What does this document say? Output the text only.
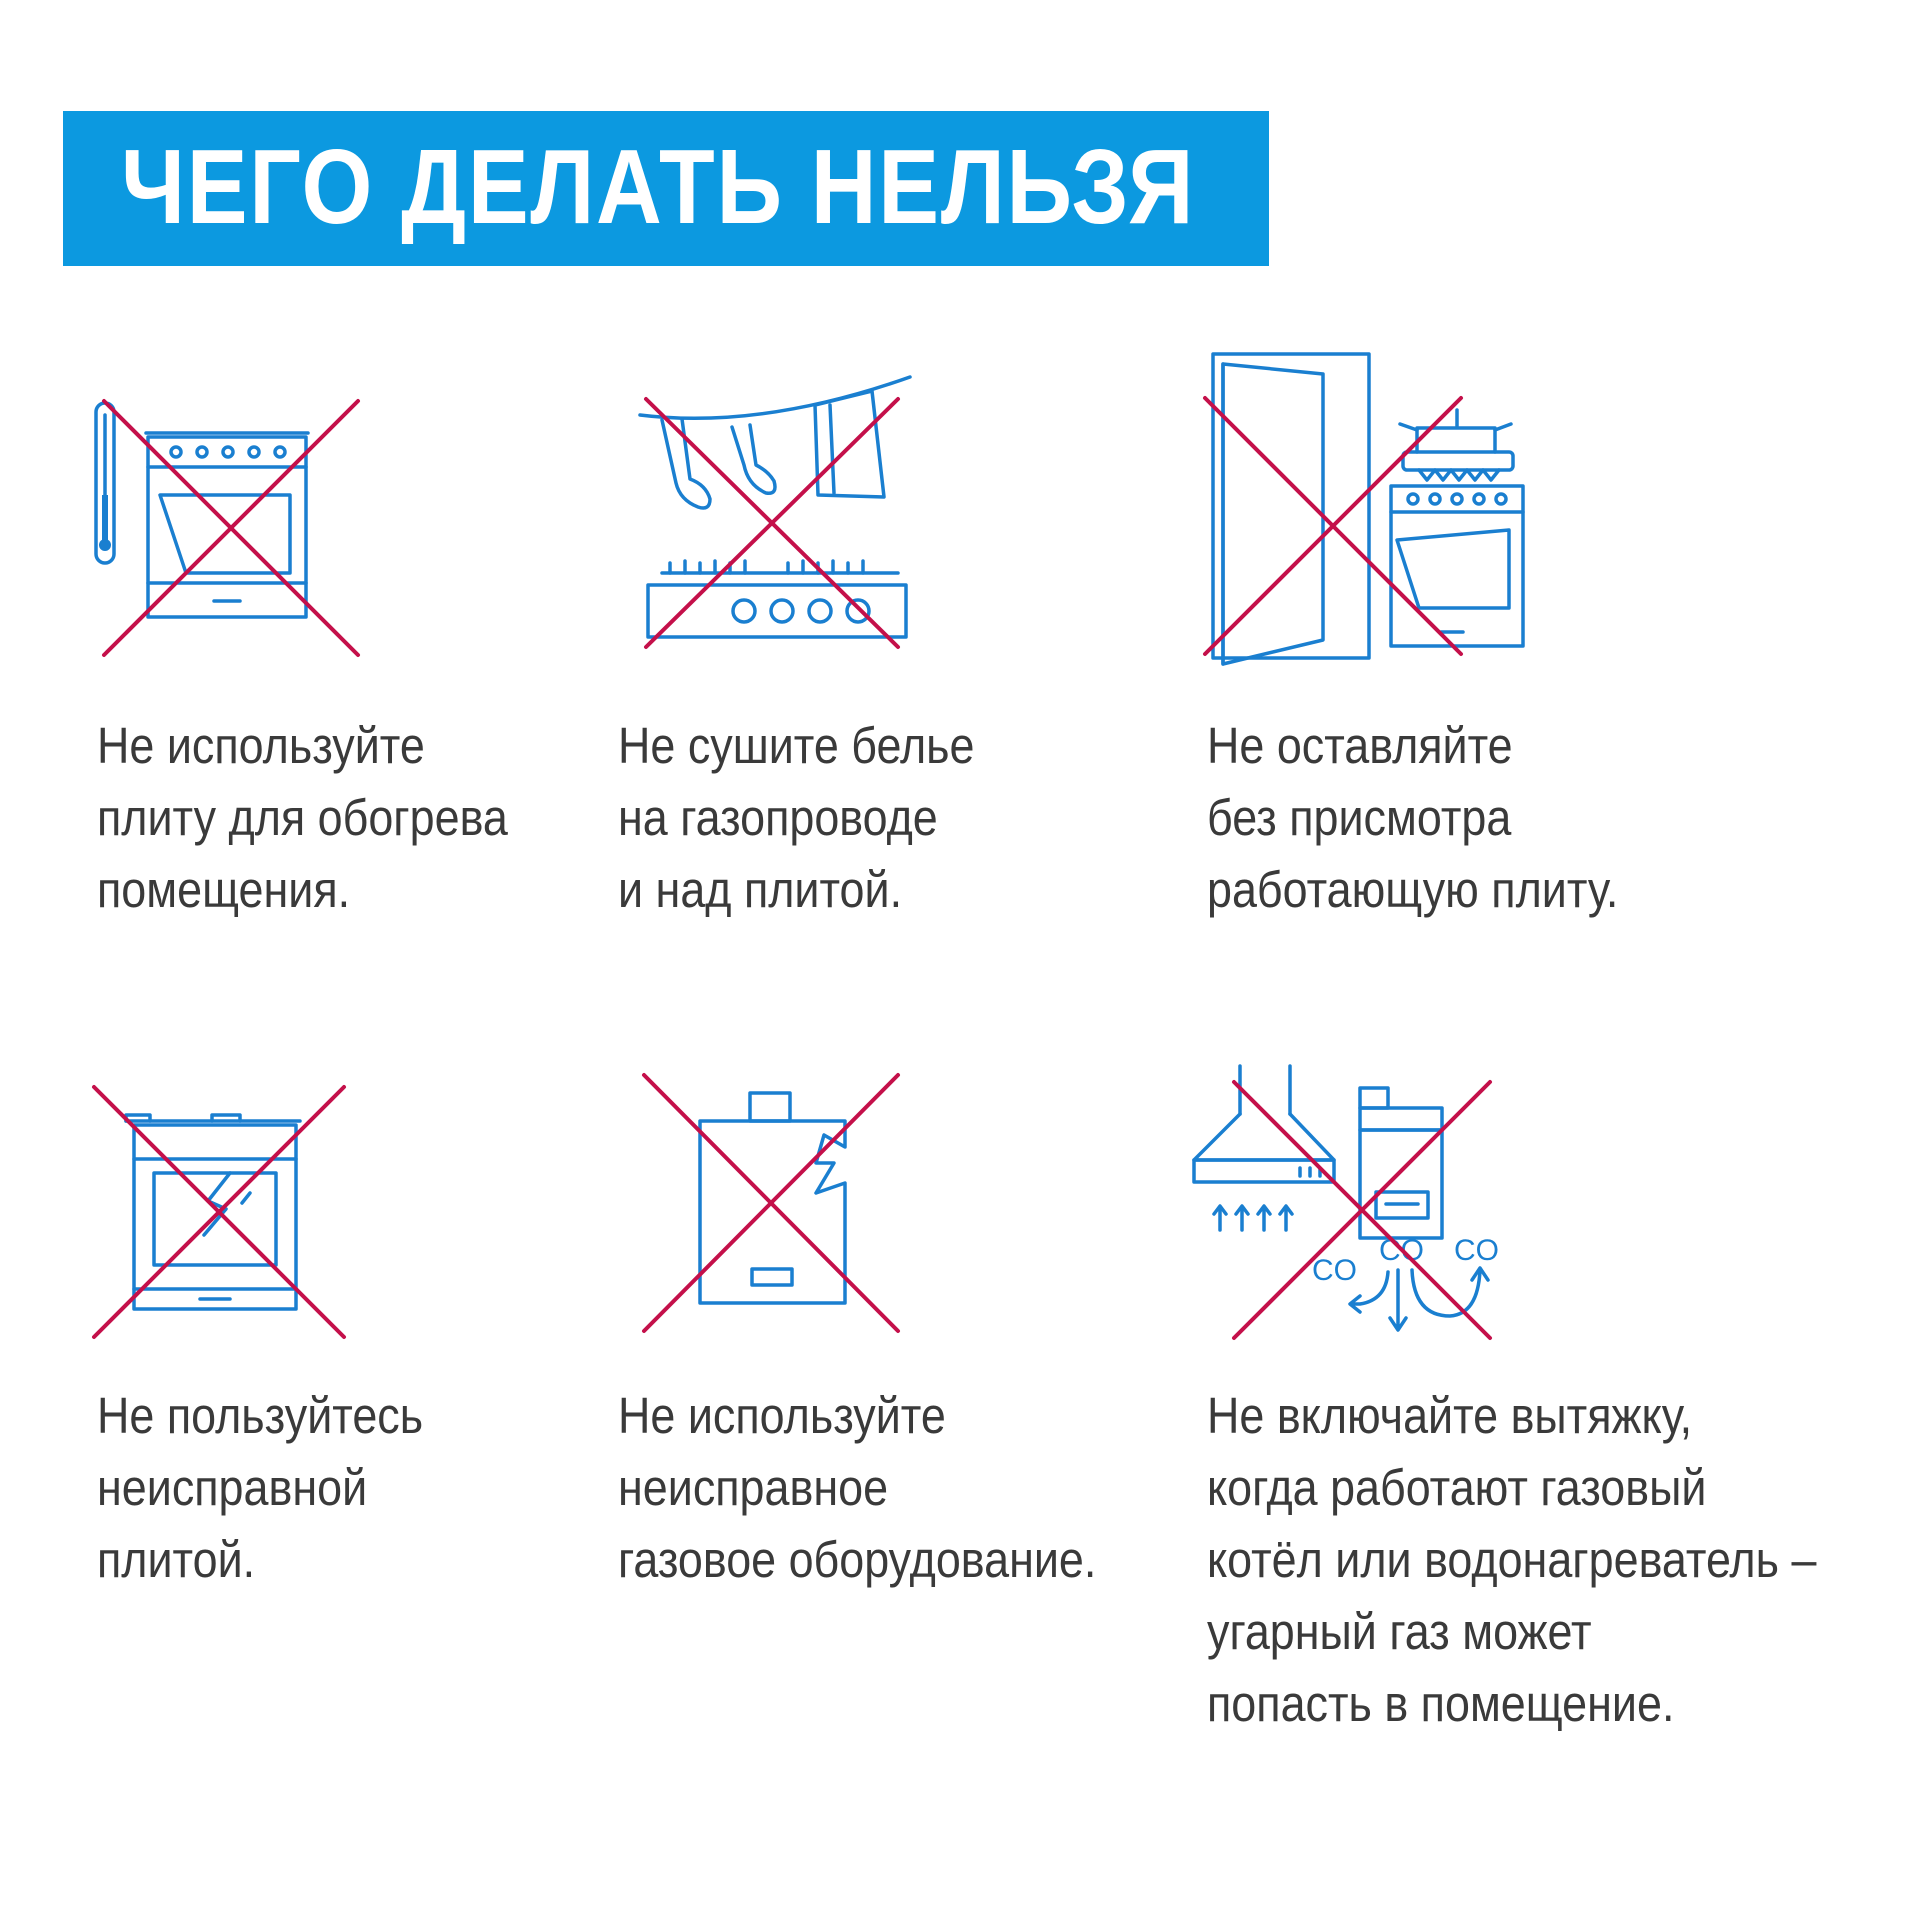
ЧЕГО ДЕЛАТЬ НЕЛЬЗЯ

Не используйте
плиту для обогрева
помещения.

Не сушите белье
на газопроводе
и над плитой.

Не оставляйте
без присмотра
работающую плиту.

Не пользуйтесь
неисправной
плитой.

Не используйте
неисправное
газовое оборудование.

CO
CO CO

Не включайте вытяжку,
когда работают газовый
котёл или водонагреватель –
угарный газ может
попасть в помещение.
